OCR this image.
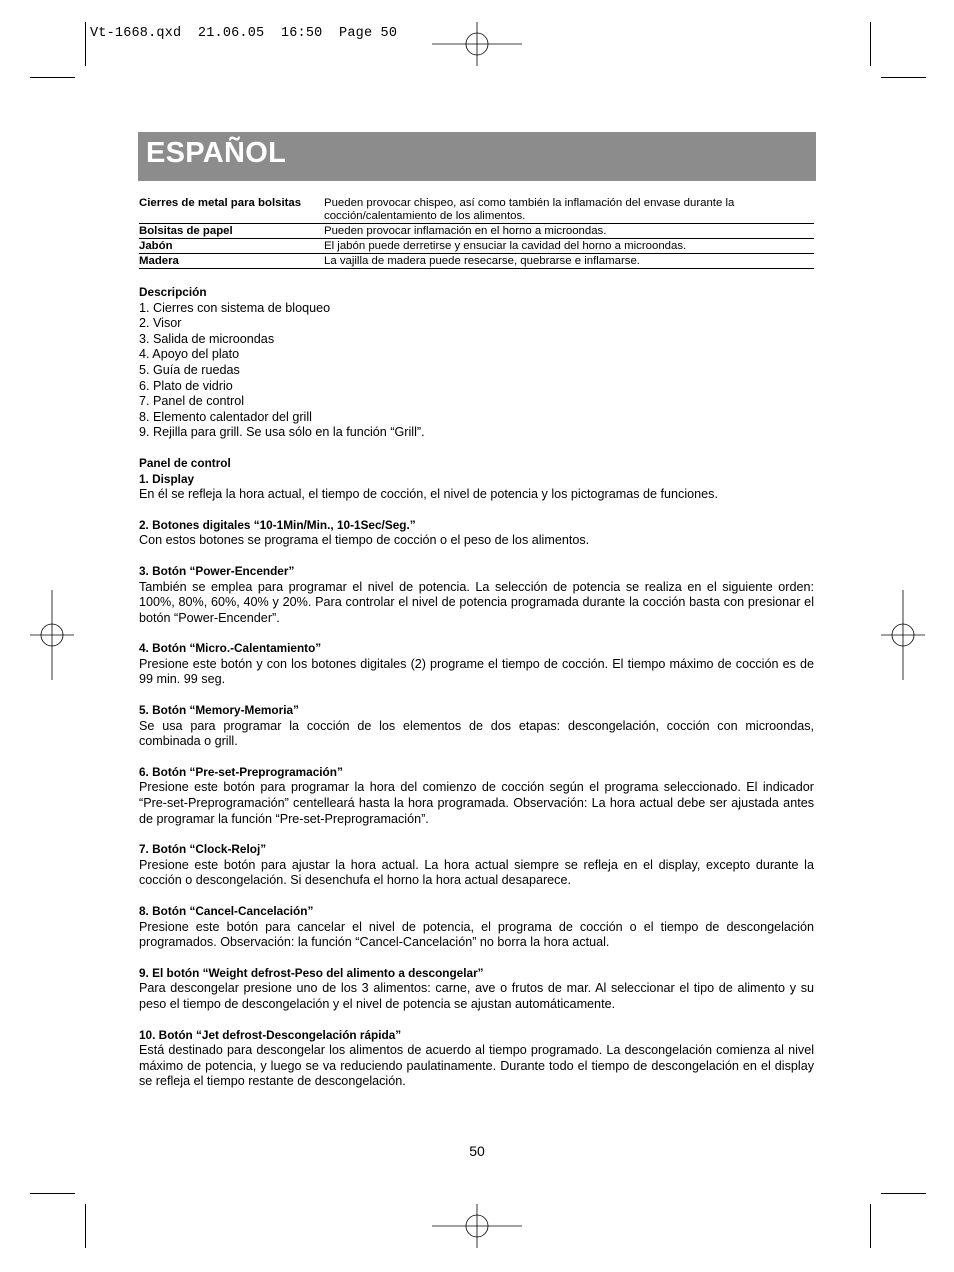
Vt-1668.qxd  21.06.05  16:50  Page 50
ESPAÑOL
Cierres de metal para bolsitas	Pueden provocar chispeo, así como también la inflamación del envase durante la cocción/calentamiento de los alimentos.
Bolsitas de papel	Pueden provocar inflamación en el horno a microondas.
Jabón	El jabón puede derretirse y ensuciar la cavidad del horno a microondas.
Madera	La vajilla de madera puede resecarse, quebrarse e inflamarse.

Descripción

1. Cierres con sistema de bloqueo

2. Visor

3. Salida de microondas

4. Apoyo del plato

5. Guía de ruedas

6. Plato de vidrio

7. Panel de control

8. Elemento calentador del grill

9. Rejilla para grill. Se usa sólo en la función “Grill”.

Panel de control

1. Display

En él se refleja la hora actual, el tiempo de cocción, el nivel de potencia y los pictogramas de funciones.

2. Botones digitales “10-1Min/Min., 10-1Sec/Seg.”

Con estos botones se programa el tiempo de cocción o el peso de los alimentos.

3. Botón “Power-Encender”

También se emplea para programar el nivel de potencia. La selección de potencia se realiza en el siguiente orden: 100%, 80%, 60%, 40% y 20%. Para controlar el nivel de potencia programada durante la cocción basta con presionar el botón “Power-Encender”.

4. Botón “Micro.-Calentamiento”

Presione este botón y con los botones digitales (2) programe el tiempo de cocción. El tiempo máximo de cocción es de 99 min. 99 seg.

5. Botón “Memory-Memoria”

Se usa para programar la cocción de los elementos de dos etapas: descongelación, cocción con microondas, combinada o grill.

6. Botón “Pre-set-Preprogramación”

Presione este botón para programar la hora del comienzo de cocción según el programa seleccionado. El indicador “Pre-set-Preprogramación” centelleará hasta la hora programada. Observación: La hora actual debe ser ajustada antes de programar la función “Pre-set-Preprogramación”.

7. Botón “Clock-Reloj”

Presione este botón para ajustar la hora actual. La hora actual siempre se refleja en el display, excepto durante la cocción o descongelación. Si desenchufa el horno la hora actual desaparece.

8. Botón “Cancel-Cancelación”

Presione este botón para cancelar el nivel de potencia, el programa de cocción o el tiempo de descongelación programados. Observación: la función “Cancel-Cancelación” no borra la hora actual.

9. El botón “Weight defrost-Peso del alimento a descongelar”

Para descongelar presione uno de los 3 alimentos: carne, ave o frutos de mar. Al seleccionar el tipo de alimento y su peso el tiempo de descongelación y el nivel de potencia se ajustan automáticamente.

10. Botón “Jet defrost-Descongelación rápida”

Está destinado para descongelar los alimentos de acuerdo al tiempo programado. La descongelación comienza al nivel máximo de potencia, y luego se va reduciendo paulatinamente. Durante todo el tiempo de descongelación en el display se refleja el tiempo restante de descongelación.

50
